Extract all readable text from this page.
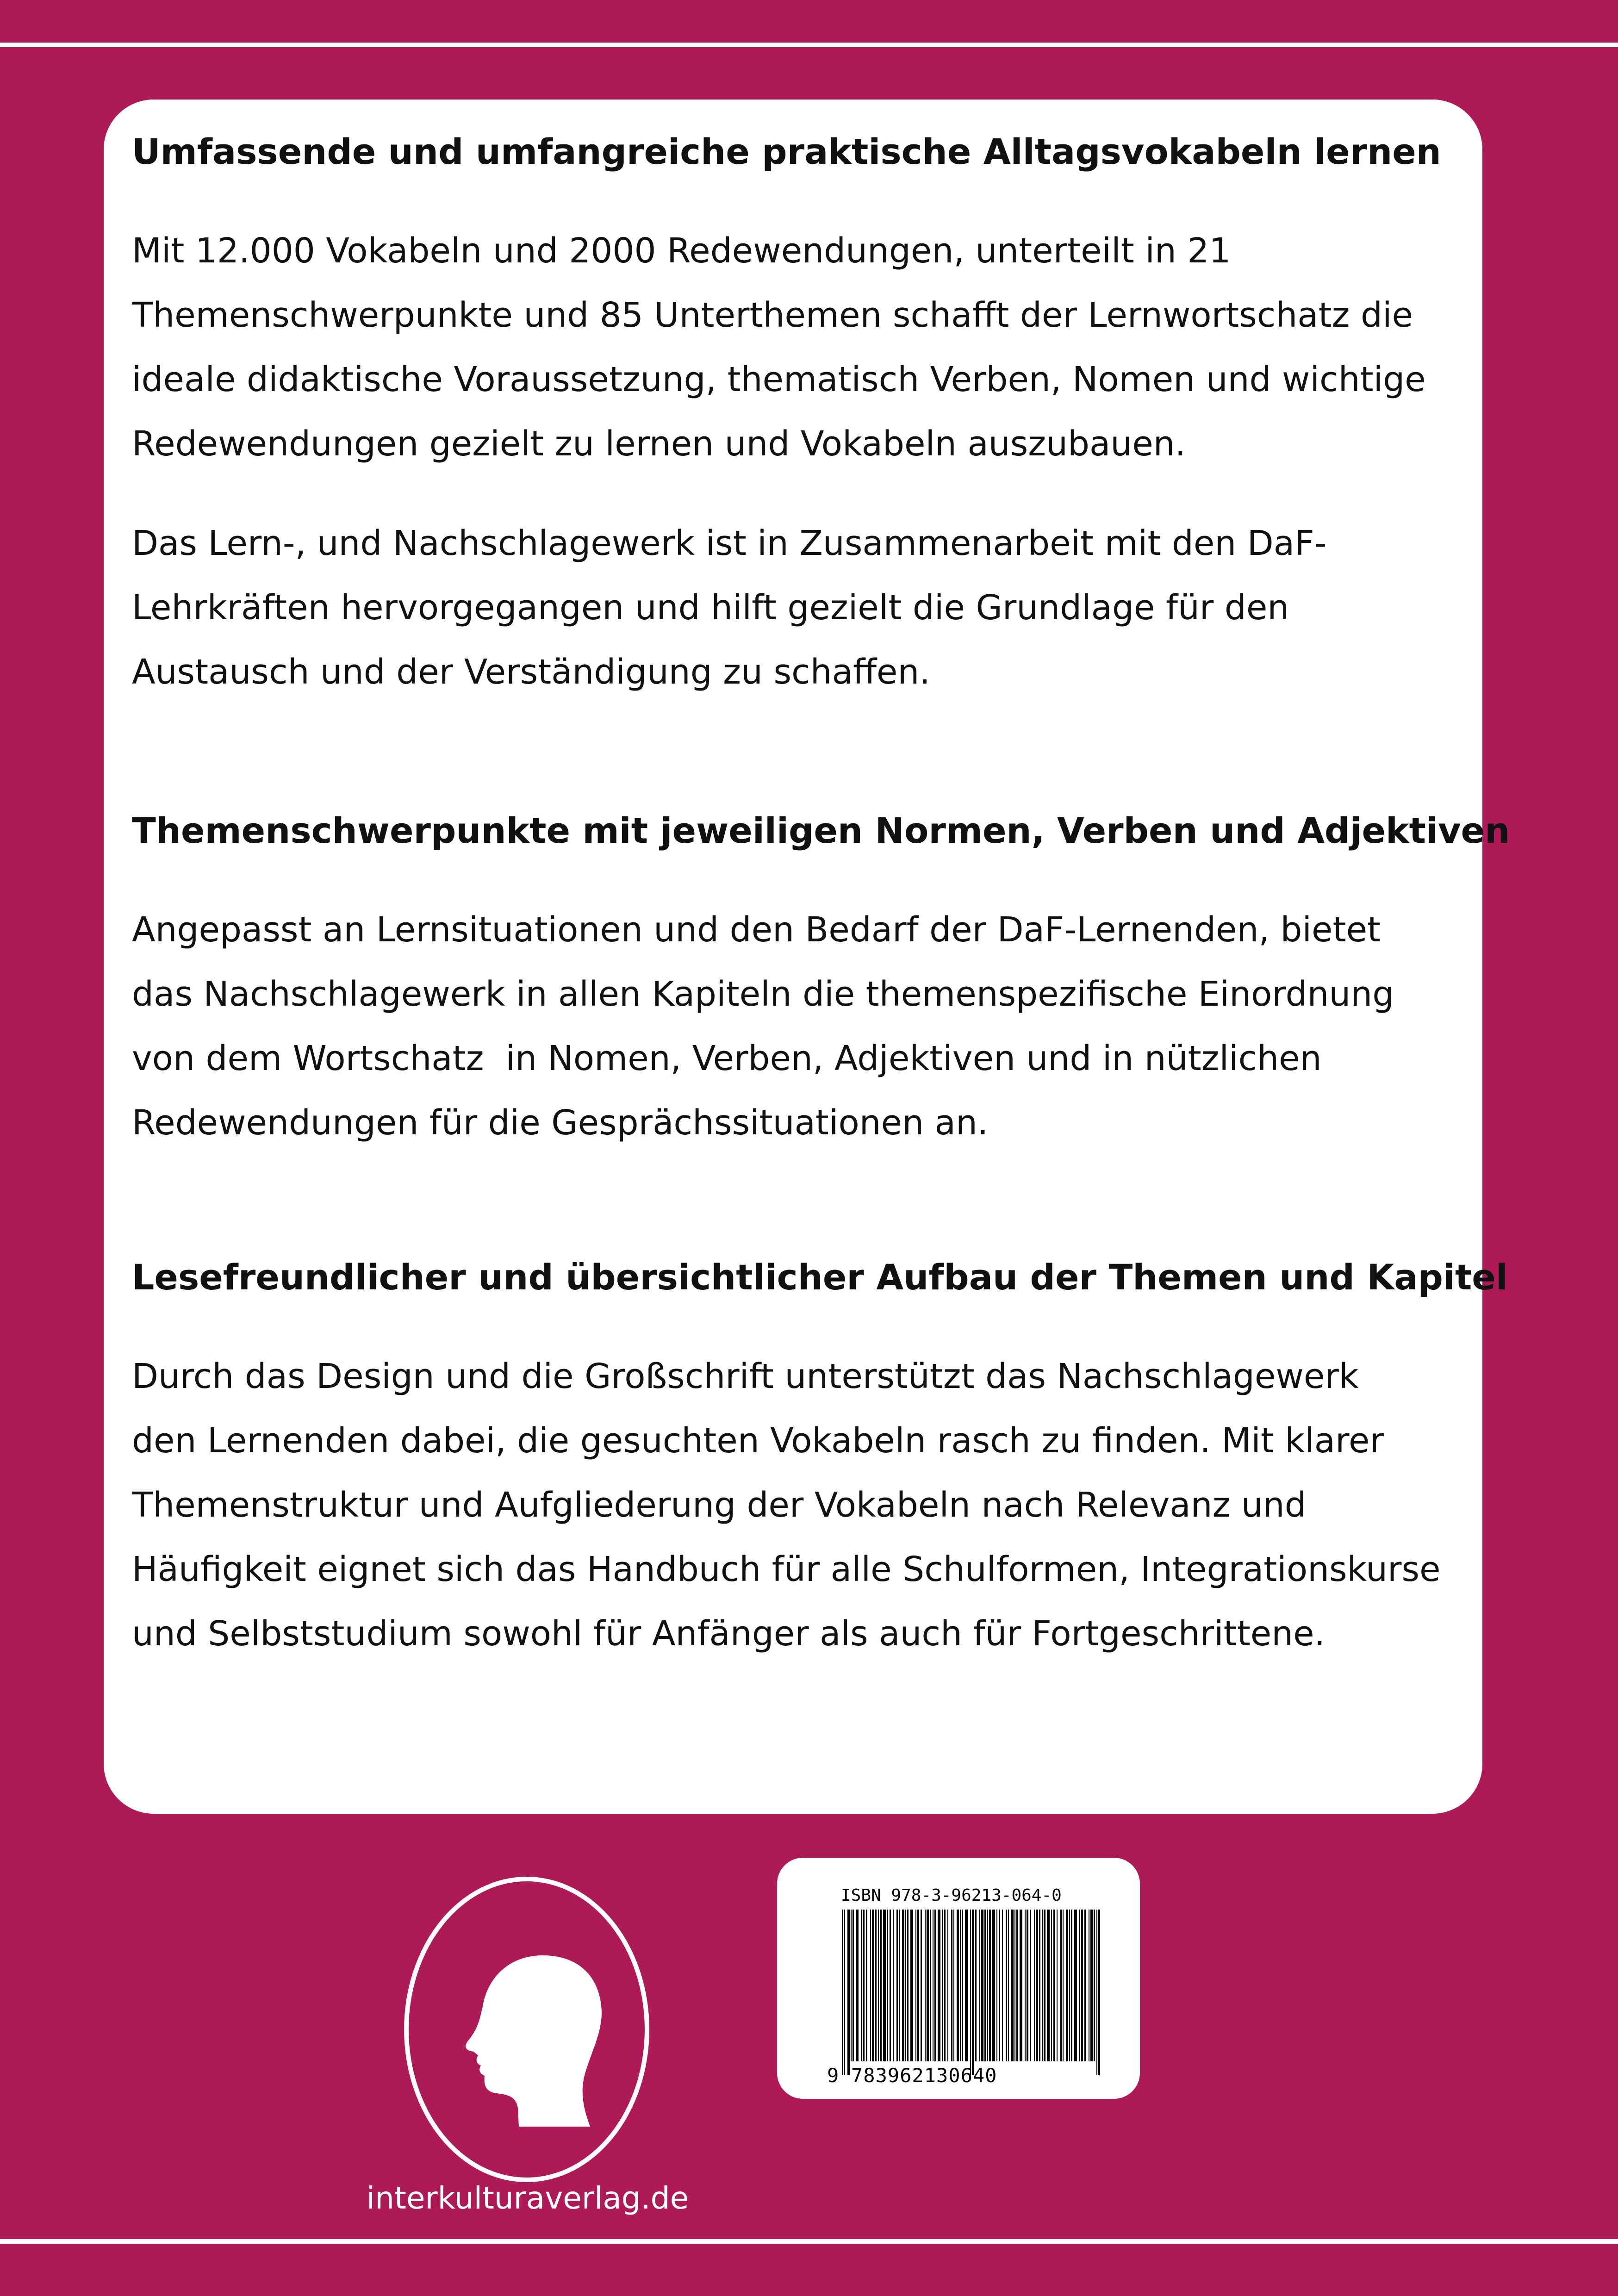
Umfassende und umfangreiche praktische Alltagsvokabeln lernen
Mit 12.000 Vokabeln und 2000 Redewendungen, unterteilt in 21
Themenschwerpunkte und 85 Unterthemen schafft der Lernwortschatz die
ideale didaktische Voraussetzung, thematisch Verben, Nomen und wichtige
Redewendungen gezielt zu lernen und Vokabeln auszubauen.
Das Lern-, und Nachschlagewerk ist in Zusammenarbeit mit den DaF-
Lehrkräften hervorgegangen und hilft gezielt die Grundlage für den
Austausch und der Verständigung zu schaffen.
Themenschwerpunkte mit jeweiligen Normen, Verben und Adjektiven
Angepasst an Lernsituationen und den Bedarf der DaF-Lernenden, bietet
das Nachschlagewerk in allen Kapiteln die themenspezifische Einordnung
von dem Wortschatz  in Nomen, Verben, Adjektiven und in nützlichen
Redewendungen für die Gesprächssituationen an.
Lesefreundlicher und übersichtlicher Aufbau der Themen und Kapitel
Durch das Design und die Großschrift unterstützt das Nachschlagewerk
den Lernenden dabei, die gesuchten Vokabeln rasch zu finden. Mit klarer
Themenstruktur und Aufgliederung der Vokabeln nach Relevanz und
Häufigkeit eignet sich das Handbuch für alle Schulformen, Integrationskurse
und Selbststudium sowohl für Anfänger als auch für Fortgeschrittene.
interkulturaverlag.de
ISBN 978-3-96213-064-0
9 783962130640
